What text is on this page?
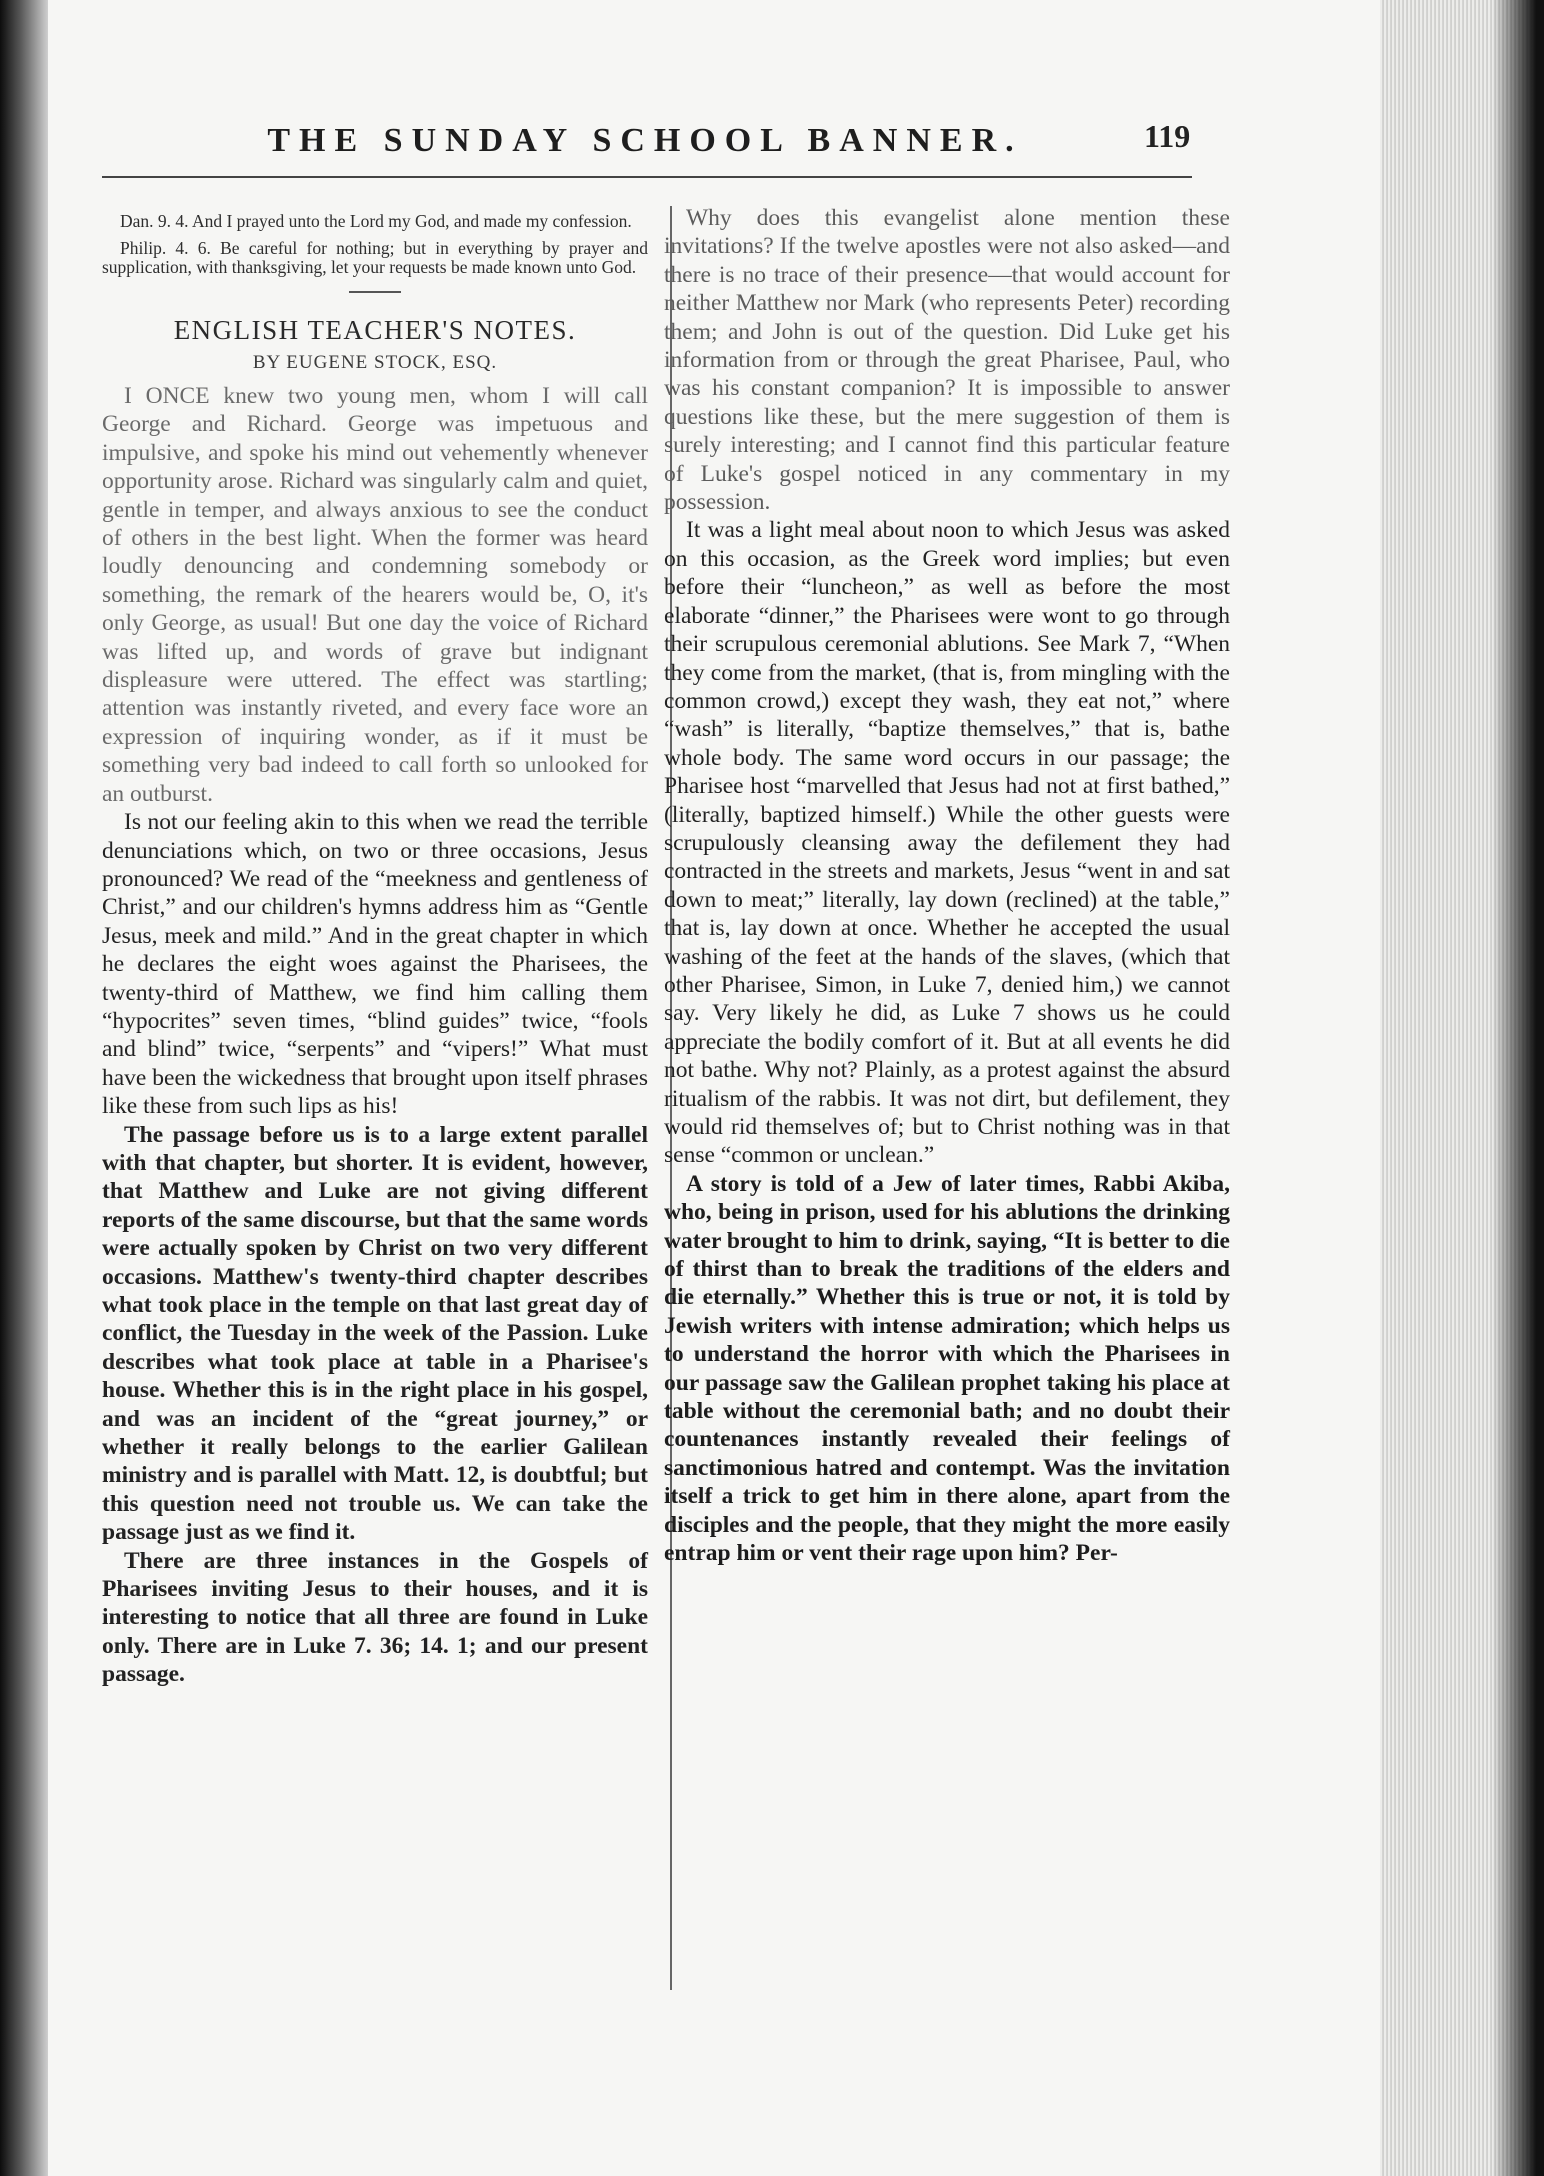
THE SUNDAY SCHOOL BANNER.	119

Dan. 9. 4. And I prayed unto the Lord my God, and made my confession.

Philip. 4. 6. Be careful for nothing; but in everything by prayer and supplication, with thanksgiving, let your requests be made known unto God.

ENGLISH TEACHER'S NOTES.
BY EUGENE STOCK, ESQ.

I ONCE knew two young men, whom I will call George and Richard. George was impetuous and impulsive, and spoke his mind out vehemently whenever opportunity arose. Richard was singularly calm and quiet, gentle in temper, and always anxious to see the conduct of others in the best light. When the former was heard loudly denouncing and condemning somebody or something, the remark of the hearers would be, O, it's only George, as usual! But one day the voice of Richard was lifted up, and words of grave but indignant displeasure were uttered. The effect was startling; attention was instantly riveted, and every face wore an expression of inquiring wonder, as if it must be something very bad indeed to call forth so unlooked for an outburst.

Is not our feeling akin to this when we read the terrible denunciations which, on two or three occasions, Jesus pronounced? We read of the “meekness and gentleness of Christ,” and our children's hymns address him as “Gentle Jesus, meek and mild.” And in the great chapter in which he declares the eight woes against the Pharisees, the twenty-third of Matthew, we find him calling them “hypocrites” seven times, “blind guides” twice, “fools and blind” twice, “serpents” and “vipers!” What must have been the wickedness that brought upon itself phrases like these from such lips as his!

The passage before us is to a large extent parallel with that chapter, but shorter. It is evident, however, that Matthew and Luke are not giving different reports of the same discourse, but that the same words were actually spoken by Christ on two very different occasions. Matthew's twenty-third chapter describes what took place in the temple on that last great day of conflict, the Tuesday in the week of the Passion. Luke describes what took place at table in a Pharisee's house. Whether this is in the right place in his gospel, and was an incident of the “great journey,” or whether it really belongs to the earlier Galilean ministry and is parallel with Matt. 12, is doubtful; but this question need not trouble us. We can take the passage just as we find it.

There are three instances in the Gospels of Pharisees inviting Jesus to their houses, and it is interesting to notice that all three are found in Luke only. There are in Luke 7. 36; 14. 1; and our present passage.

Why does this evangelist alone mention these invitations? If the twelve apostles were not also asked—and there is no trace of their presence—that would account for neither Matthew nor Mark (who represents Peter) recording them; and John is out of the question. Did Luke get his information from or through the great Pharisee, Paul, who was his constant companion? It is impossible to answer questions like these, but the mere suggestion of them is surely interesting; and I cannot find this particular feature of Luke's gospel noticed in any commentary in my possession.

It was a light meal about noon to which Jesus was asked on this occasion, as the Greek word implies; but even before their “luncheon,” as well as before the most elaborate “dinner,” the Pharisees were wont to go through their scrupulous ceremonial ablutions. See Mark 7, “When they come from the market, (that is, from mingling with the common crowd,) except they wash, they eat not,” where “wash” is literally, “baptize themselves,” that is, bathe whole body. The same word occurs in our passage; the Pharisee host “marvelled that Jesus had not at first bathed,” (literally, baptized himself.) While the other guests were scrupulously cleansing away the defilement they had contracted in the streets and markets, Jesus “went in and sat down to meat;” literally, lay down (reclined) at the table,” that is, lay down at once. Whether he accepted the usual washing of the feet at the hands of the slaves, (which that other Pharisee, Simon, in Luke 7, denied him,) we cannot say. Very likely he did, as Luke 7 shows us he could appreciate the bodily comfort of it. But at all events he did not bathe. Why not? Plainly, as a protest against the absurd ritualism of the rabbis. It was not dirt, but defilement, they would rid themselves of; but to Christ nothing was in that sense “common or unclean.”

A story is told of a Jew of later times, Rabbi Akiba, who, being in prison, used for his ablutions the drinking water brought to him to drink, saying, “It is better to die of thirst than to break the traditions of the elders and die eternally.” Whether this is true or not, it is told by Jewish writers with intense admiration; which helps us to understand the horror with which the Pharisees in our passage saw the Galilean prophet taking his place at table without the ceremonial bath; and no doubt their countenances instantly revealed their feelings of sanctimonious hatred and contempt. Was the invitation itself a trick to get him in there alone, apart from the disciples and the people, that they might the more easily entrap him or vent their rage upon him? Per-
